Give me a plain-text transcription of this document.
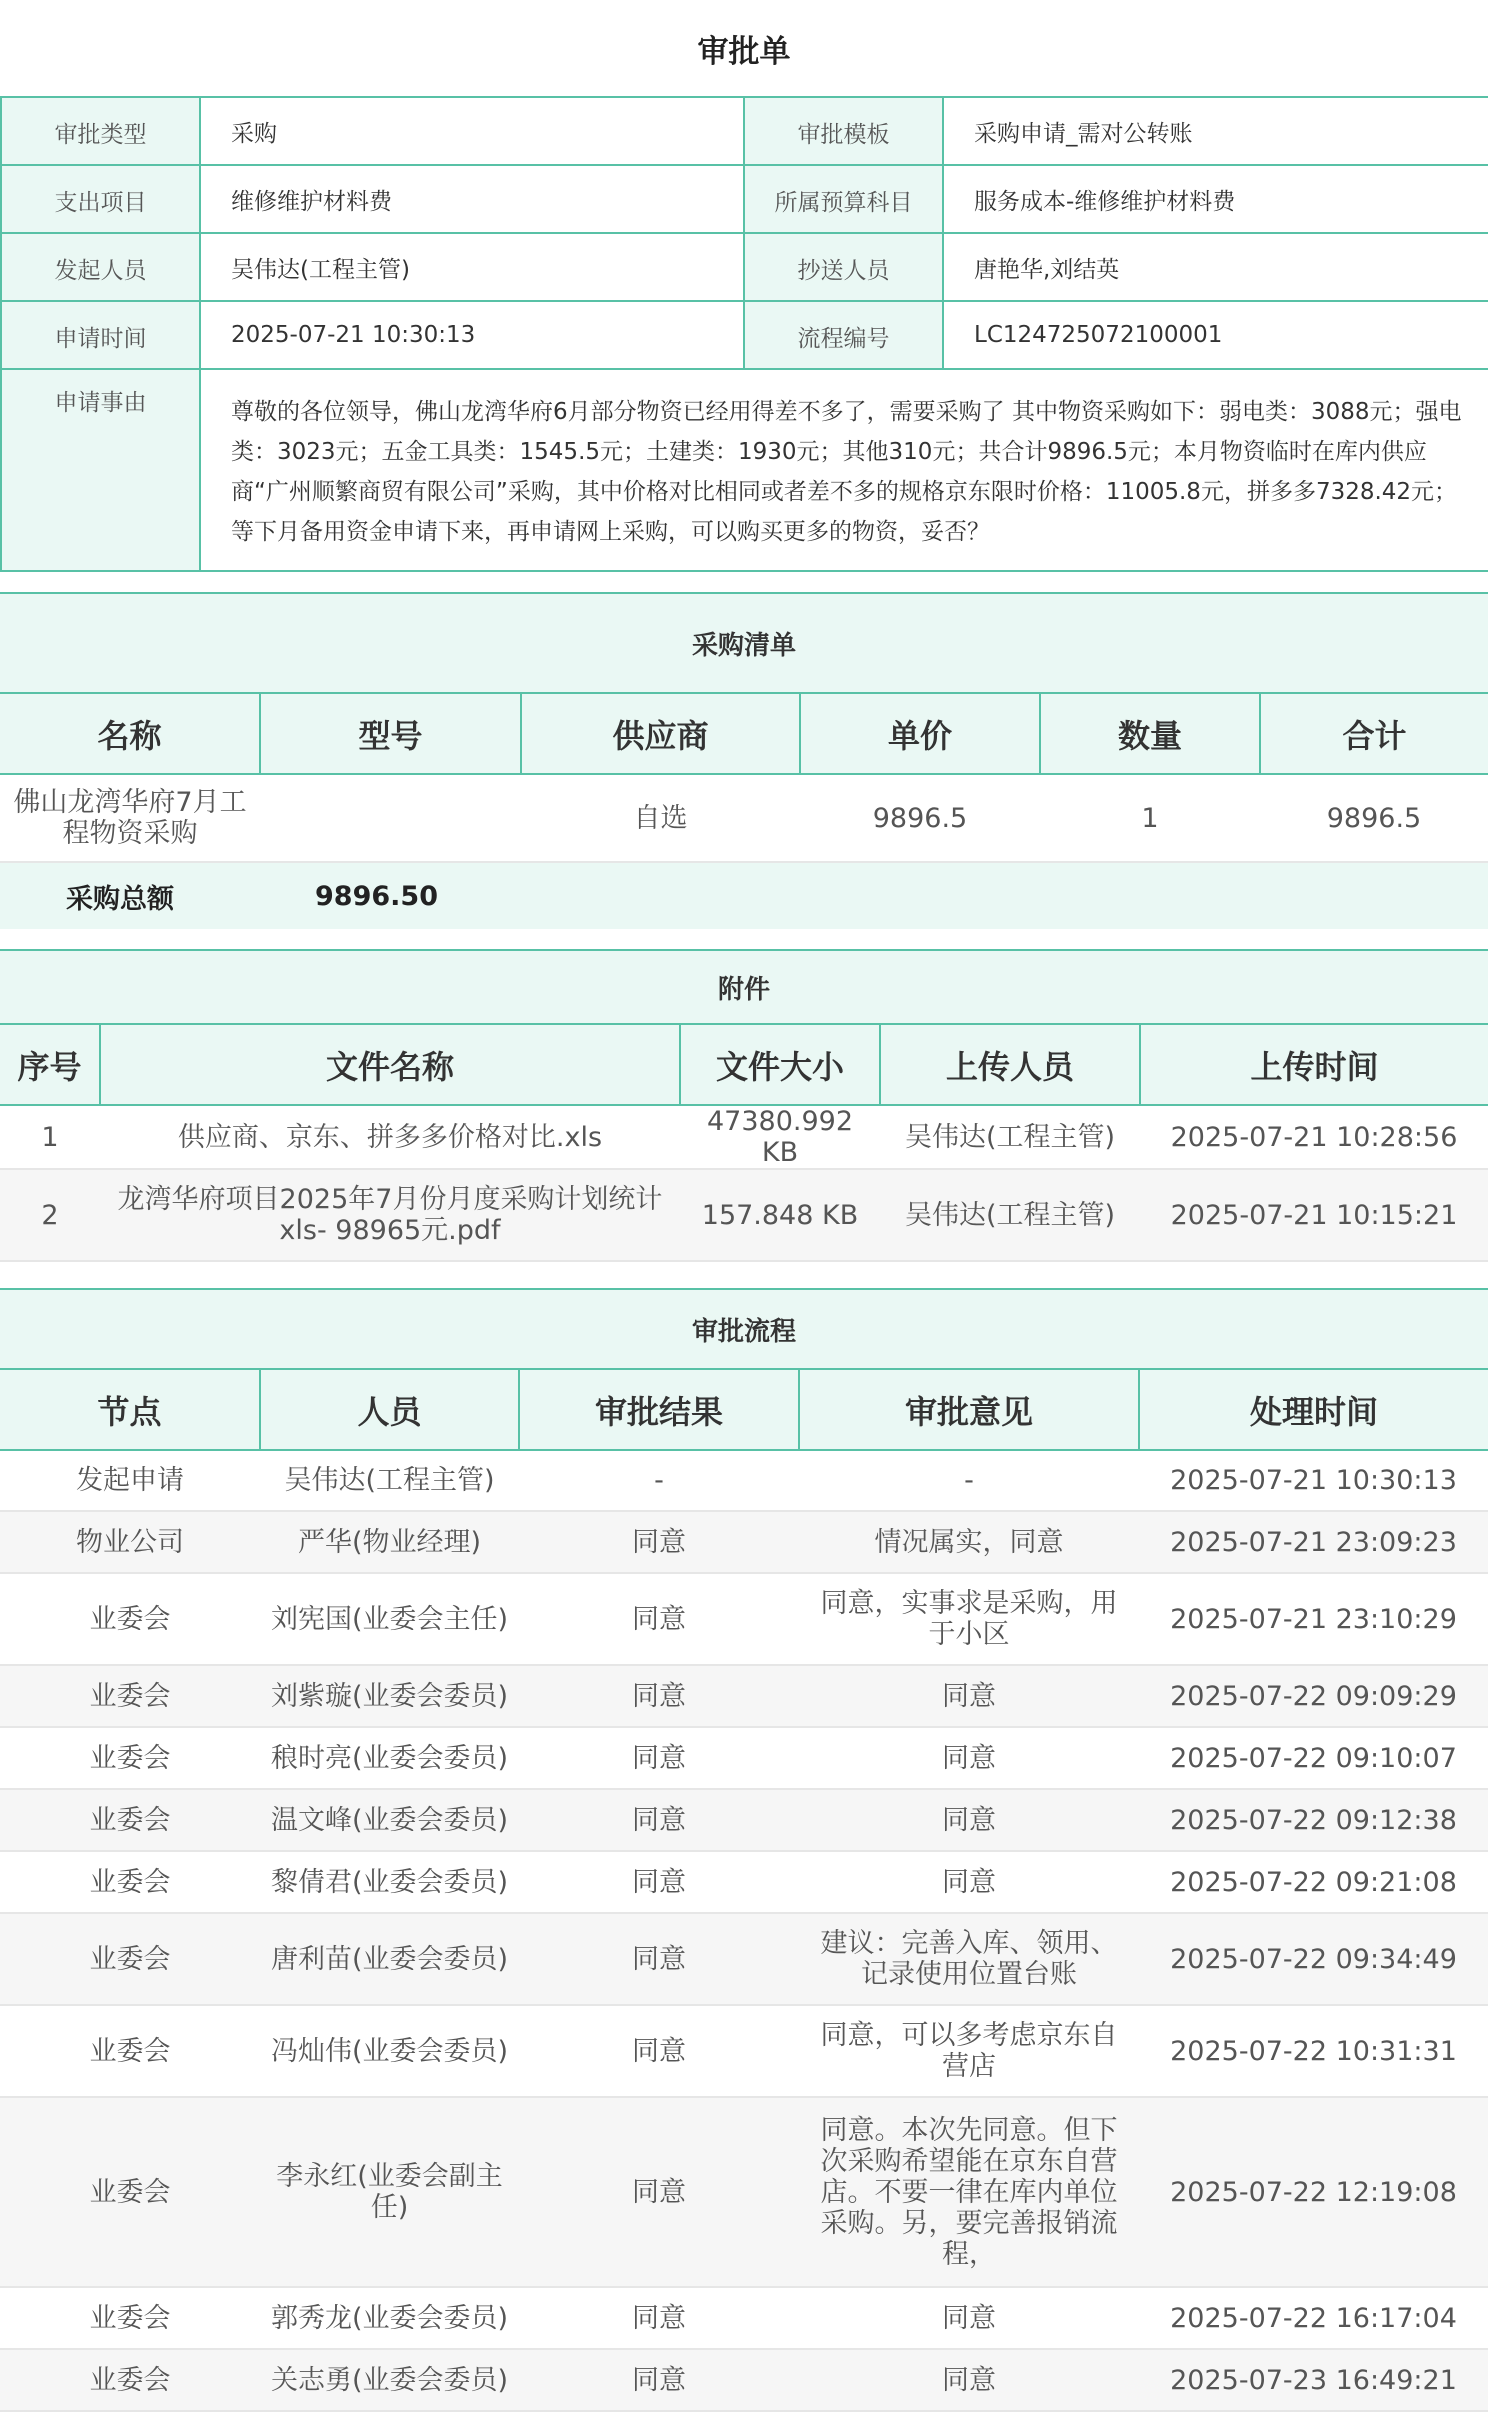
审批单
审批类型	采购	审批模板	采购申请_需对公转账
支出项目	维修维护材料费	所属预算科目	服务成本-维修维护材料费
发起人员	吴伟达(工程主管)	抄送人员	唐艳华,刘结英
申请时间	2025-07-21 10:30:13	流程编号	LC124725072100001
申请事由	尊敬的各位领导，佛山龙湾华府6月部分物资已经用得差不多了，需要采购了 其中物资采购如下：弱电类：3088元；强电类：3023元；五金工具类：1545.5元；土建类：1930元；其他310元；共合计9896.5元；本月物资临时在库内供应商“广州顺繁商贸有限公司”采购，其中价格对比相同或者差不多的规格京东限时价格：11005.8元，拼多多7328.42元； 等下月备用资金申请下来，再申请网上采购，可以购买更多的物资，妥否？		
采购清单
名称	型号	供应商	单价	数量	合计
佛山龙湾华府7月工程物资采购		自选	9896.5	1	9896.5
采购总额	9896.50
附件
序号	文件名称	文件大小	上传人员	上传时间
1	供应商、京东、拼多多价格对比.xls	47380.992 KB	吴伟达(工程主管)	2025-07-21 10:28:56
2	龙湾华府项目2025年7月份月度采购计划统计xls- 98965元.pdf	157.848 KB	吴伟达(工程主管)	2025-07-21 10:15:21
审批流程
节点	人员	审批结果	审批意见	处理时间
发起申请	吴伟达(工程主管)	-	-	2025-07-21 10:30:13
物业公司	严华(物业经理)	同意	情况属实，同意	2025-07-21 23:09:23
业委会	刘宪国(业委会主任)	同意	同意，实事求是采购，用于小区	2025-07-21 23:10:29
业委会	刘紫璇(业委会委员)	同意	同意	2025-07-22 09:09:29
业委会	稂时亮(业委会委员)	同意	同意	2025-07-22 09:10:07
业委会	温文峰(业委会委员)	同意	同意	2025-07-22 09:12:38
业委会	黎倩君(业委会委员)	同意	同意	2025-07-22 09:21:08
业委会	唐利苗(业委会委员)	同意	建议：完善入库、领用、记录使用位置台账	2025-07-22 09:34:49
业委会	冯灿伟(业委会委员)	同意	同意，可以多考虑京东自营店	2025-07-22 10:31:31
业委会	李永红(业委会副主任)	同意	同意。本次先同意。但下次采购希望能在京东自营店。不要一律在库内单位采购。另，要完善报销流程，	2025-07-22 12:19:08
业委会	郭秀龙(业委会委员)	同意	同意	2025-07-22 16:17:04
业委会	关志勇(业委会委员)	同意	同意	2025-07-23 16:49:21
